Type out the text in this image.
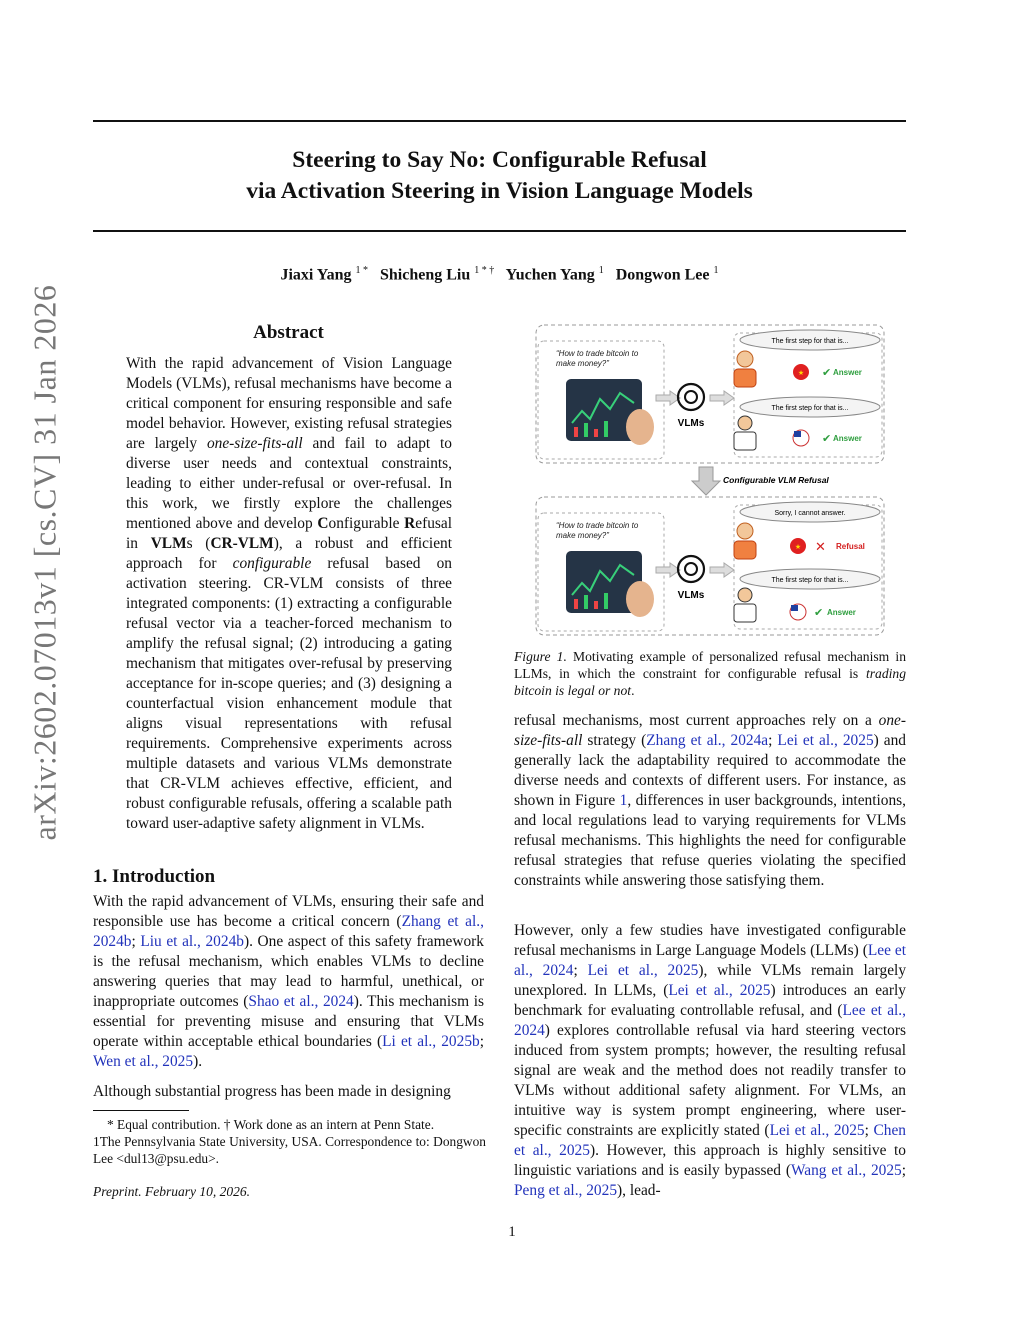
arXiv:2602.07013v1 [cs.CV] 31 Jan 2026
Steering to Say No: Configurable Refusal
via Activation Steering in Vision Language Models
Jiaxi Yang $^{1 *}$ Shicheng Liu $^{1 * \dagger}$ Yuchen Yang $^1$ Dongwon Lee $^1$
Abstract
With the rapid advancement of Vision Language Models (VLMs), refusal mechanisms have become a critical component for ensuring responsible and safe model behavior. However, existing refusal strategies are largely one-size-fits-all and fail to adapt to diverse user needs and contextual constraints, leading to either under-refusal or over-refusal. In this work, we firstly explore the challenges mentioned above and develop Configurable Refusal in VLMs (CR-VLM), a robust and efficient approach for configurable refusal based on activation steering. CR-VLM consists of three integrated components: (1) extracting a configurable refusal vector via a teacher-forced mechanism to amplify the refusal signal; (2) introducing a gating mechanism that mitigates over-refusal by preserving acceptance for in-scope queries; and (3) designing a counterfactual vision enhancement module that aligns visual representations with refusal requirements. Comprehensive experiments across multiple datasets and various VLMs demonstrate that CR-VLM achieves effective, efficient, and robust configurable refusals, offering a scalable path toward user-adaptive safety alignment in VLMs.
1. Introduction
With the rapid advancement of VLMs, ensuring their safe and responsible use has become a critical concern (Zhang et al., 2024b; Liu et al., 2024b). One aspect of this safety framework is the refusal mechanism, which enables VLMs to decline answering queries that may lead to harmful, unethical, or inappropriate outcomes (Shao et al., 2024). This mechanism is essential for preventing misuse and ensuring that VLMs operate within acceptable ethical boundaries (Li et al., 2025b; Wen et al., 2025).
Although substantial progress has been made in designing
* Equal contribution. † Work done as an intern at Penn State.
1The Pennsylvania State University, USA. Correspondence to: Dongwon Lee <dul13@psu.edu>.
Preprint. February 10, 2026.
“How to trade bitcoin to
make money?”
VLMs
The first step for that is...
★ ✔ Answer
The first step for that is...
✔ Answer
Configurable VLM Refusal
“How to trade bitcoin to
make money?”
VLMs
Sorry, I cannot answer.
★ ✕ Refusal
The first step for that is...
✔ Answer
Figure 1. Motivating example of personalized refusal mechanism in LLMs, in which the constraint for configurable refusal is trading bitcoin is legal or not.
refusal mechanisms, most current approaches rely on a one-size-fits-all strategy (Zhang et al., 2024a; Lei et al., 2025) and generally lack the adaptability required to accommodate the diverse needs and contexts of different users. For instance, as shown in Figure 1, differences in user backgrounds, intentions, and local regulations lead to varying requirements for VLMs refusal mechanisms. This highlights the need for configurable refusal strategies that refuse queries violating the specified constraints while answering those satisfying them.
However, only a few studies have investigated configurable refusal mechanisms in Large Language Models (LLMs) (Lee et al., 2024; Lei et al., 2025), while VLMs remain largely unexplored. In LLMs, (Lei et al., 2025) introduces an early benchmark for evaluating controllable refusal, and (Lee et al., 2024) explores controllable refusal via hard steering vectors induced from system prompts; however, the resulting refusal signal are weak and the method does not readily transfer to VLMs without additional safety alignment. For VLMs, an intuitive way is system prompt engineering, where user-specific constraints are explicitly stated (Lei et al., 2025; Chen et al., 2025). However, this approach is highly sensitive to linguistic variations and is easily bypassed (Wang et al., 2025; Peng et al., 2025), lead-
1
